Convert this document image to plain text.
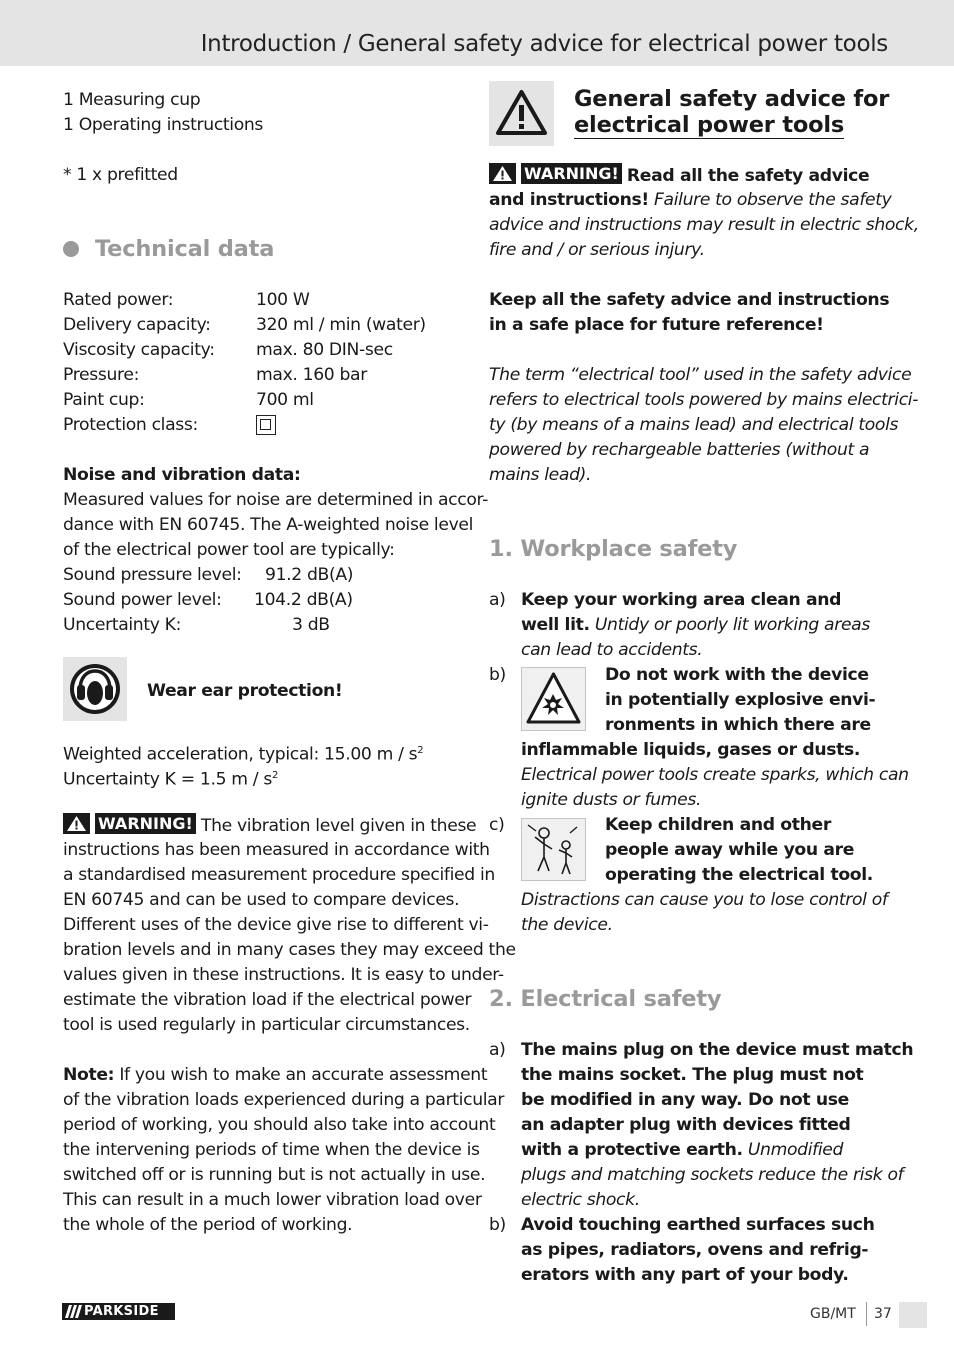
Introduction / General safety advice for electrical power tools
1 Measuring cup
1 Operating instructions
* 1 x prefitted
Technical data
Rated power:	100 W
Delivery capacity:	320 ml / min (water)
Viscosity capacity: max. 80 DIN-sec
Pressure:	max. 160 bar
Paint cup:	700 ml
Protection class:
Noise and vibration data:
Measured values for noise are determined in accor-
dance with EN 60745. The A-weighted noise level
of the electrical power tool are typically:
Sound pressure level: 91.2 dB(A)
Sound power level: 104.2 dB(A)
Uncertainty K:	3 dB
Wear ear protection!
Weighted acceleration, typical: 15.00 m / $s^2$
Uncertainty K = 1.5 m / $s^2$
WARNING! The vibration level given in these
instructions has been measured in accordance with
a standardised measurement procedure specified in
EN 60745 and can be used to compare devices.
Different uses of the device give rise to different vi-
bration levels and in many cases they may exceed the
values given in these instructions. It is easy to under-
estimate the vibration load if the electrical power
tool is used regularly in particular circumstances.
Note: If you wish to make an accurate assessment
of the vibration loads experienced during a particular
period of working, you should also take into account
the intervening periods of time when the device is
switched off or is running but is not actually in use.
This can result in a much lower vibration load over
the whole of the period of working.
General safety advice for
electrical power tools
WARNING! Read all the safety advice
and instructions! Failure to observe the safety
advice and instructions may result in electric shock,
fire and / or serious injury.
Keep all the safety advice and instructions
in a safe place for future reference!
The term “electrical tool” used in the safety advice
refers to electrical tools powered by mains electrici-
ty (by means of a mains lead) and electrical tools
powered by rechargeable batteries (without a
mains lead).
1. Workplace safety
a) Keep your working area clean and
well lit. Untidy or poorly lit working areas
can lead to accidents.
b)	Do not work with the device
in potentially explosive envi-
ronments in which there are
inflammable liquids, gases or dusts.
Electrical power tools create sparks, which can
ignite dusts or fumes.
c)	Keep children and other
people away while you are
operating the electrical tool.
Distractions can cause you to lose control of
the device.
2. Electrical safety
a) The mains plug on the device must match
the mains socket. The plug must not
be modified in any way. Do not use
an adapter plug with devices fitted
with a protective earth. Unmodified
plugs and matching sockets reduce the risk of
electric shock.
b) Avoid touching earthed surfaces such
as pipes, radiators, ovens and refrig-
erators with any part of your body.
PARKSIDE	GB/MT 37
